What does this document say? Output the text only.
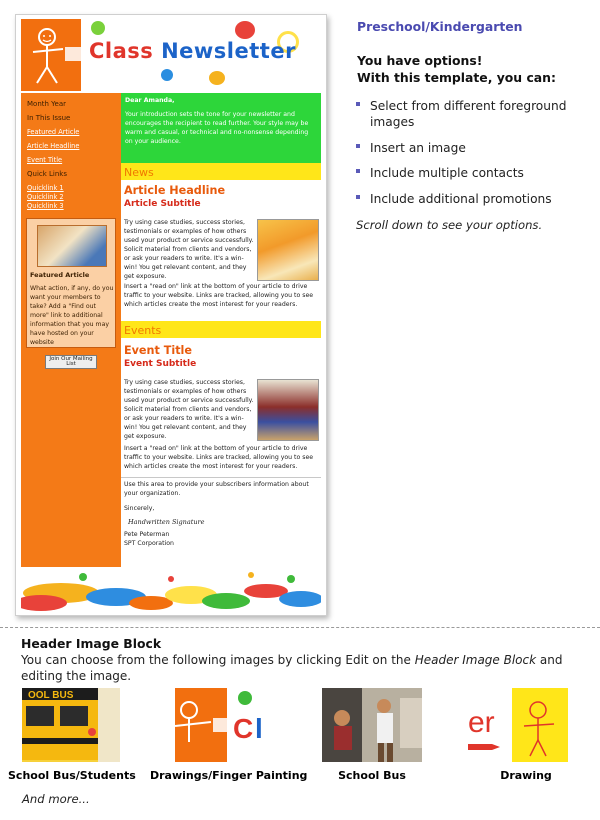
Class Newsletter
Month Year
In This Issue
Featured Article
Article Headline
Event Title
Quick Links
Quicklink 1
Quicklink 2
Quicklink 3
Featured Article
What action, if any, do you want your members to take? Add a "Find out more" link to additional information that you may have hosted on your website
Join Our Mailing List
Dear Amanda,
Your introduction sets the tone for your newsletter and encourages the recipient to read further. Your style may be warm and casual, or technical and no-nonsense depending on your audience.
News
Article Headline
Article Subtitle
Try using case studies, success stories, testimonials or examples of how others used your product or service successfully. Solicit material from clients and vendors, or ask your readers to write. It's a win-win! You get relevant content, and they get exposure.
Insert a "read on" link at the bottom of your article to drive traffic to your website. Links are tracked, allowing you to see which articles create the most interest for your readers.
Events
Event Title
Event Subtitle
Try using case studies, success stories, testimonials or examples of how others used your product or service successfully. Solicit material from clients and vendors, or ask your readers to write. It's a win-win! You get relevant content, and they get exposure.
Insert a "read on" link at the bottom of your article to drive traffic to your website. Links are tracked, allowing you to see which articles create the most interest for your readers.
Use this area to provide your subscribers information about your organization.
Sincerely,
Handwritten Signature
Pete Peterman
SPT Corporation
Preschool/Kindergarten
You have options!
With this template, you can:
Select from different foreground images
Insert an image
Include multiple contacts
Include additional promotions
Scroll down to see your options.
Header Image Block
You can choose from the following images by clicking Edit on the Header Image Block and editing the image.
OOL BUS
School Bus/Students
C l
Drawings/Finger Painting	School Bus
er
Drawing
And more...
